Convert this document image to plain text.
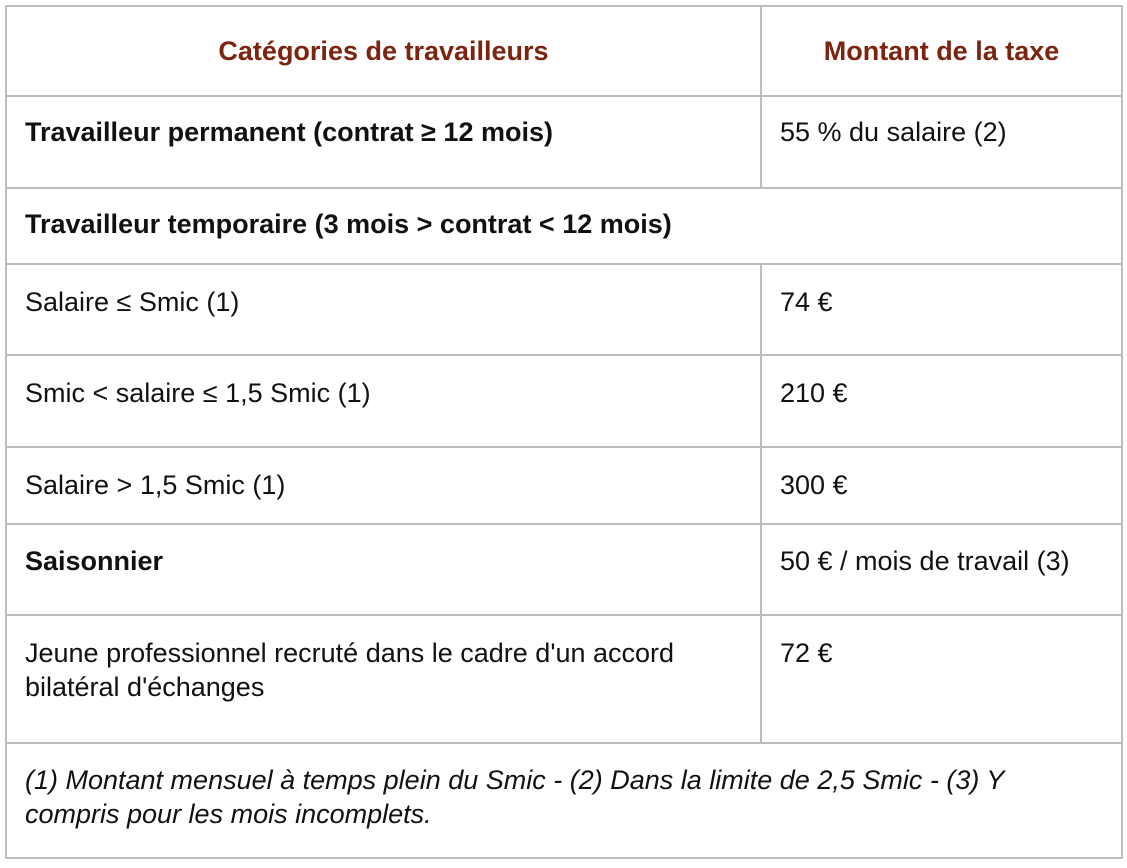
Catégories de travailleurs	Montant de la taxe
Travailleur permanent (contrat ≥ 12 mois)	55 % du salaire (2)
Travailleur temporaire (3 mois > contrat < 12 mois)	
Salaire ≤ Smic (1)	74 €
Smic < salaire ≤ 1,5 Smic (1)	210 €
Salaire > 1,5 Smic (1)	300 €
Saisonnier	50 € / mois de travail (3)
Jeune professionnel recruté dans le cadre d'un accord bilatéral d'échanges	72 €
(1) Montant mensuel à temps plein du Smic - (2) Dans la limite de 2,5 Smic - (3) Y compris pour les mois incomplets.	
